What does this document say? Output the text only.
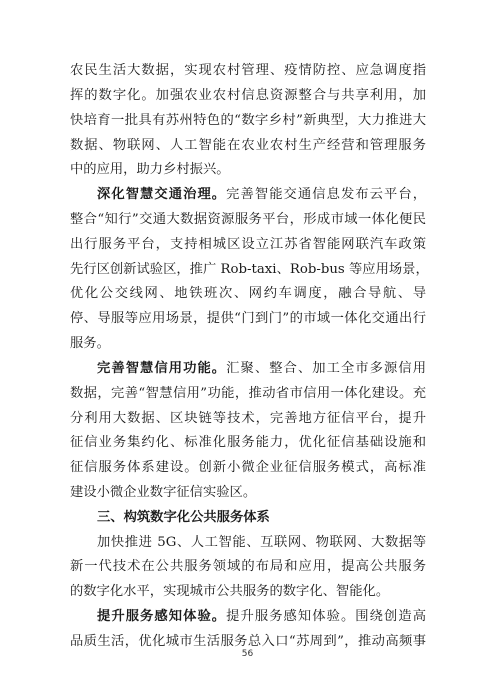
农民生活大数据，实现农村管理、疫情防控、应急调度指
挥的数字化。加强农业农村信息资源整合与共享利用，加
快培育一批具有苏州特色的“数字乡村”新典型，大力推进大
数据、物联网、人工智能在农业农村生产经营和管理服务
中的应用，助力乡村振兴。
深化智慧交通治理。完善智能交通信息发布云平台，
整合“知行”交通大数据资源服务平台，形成市域一体化便民
出行服务平台，支持相城区设立江苏省智能网联汽车政策
先行区创新试验区，推广 Rob-taxi、Rob-bus 等应用场景，
优化公交线网、地铁班次、网约车调度，融合导航、导
停、导服等应用场景，提供“门到门”的市域一体化交通出行
服务。
完善智慧信用功能。汇聚、整合、加工全市多源信用
数据，完善“智慧信用”功能，推动省市信用一体化建设。充
分利用大数据、区块链等技术，完善地方征信平台，提升
征信业务集约化、标准化服务能力，优化征信基础设施和
征信服务体系建设。创新小微企业征信服务模式，高标准
建设小微企业数字征信实验区。
三、构筑数字化公共服务体系
加快推进 5G、人工智能、互联网、物联网、大数据等
新一代技术在公共服务领域的布局和应用，提高公共服务
的数字化水平，实现城市公共服务的数字化、智能化。
提升服务感知体验。提升服务感知体验。围绕创造高
品质生活，优化城市生活服务总入口“苏周到”，推动高频事
56
